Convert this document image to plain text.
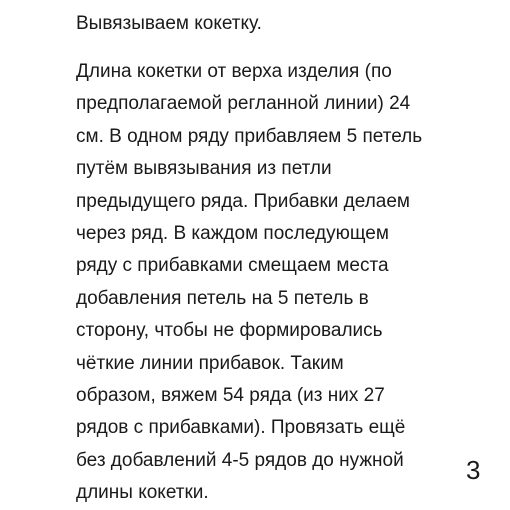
Вывязываем кокетку.
Длина кокетки от верха изделия (по
предполагаемой регланной линии) 24
см. В одном ряду прибавляем 5 петель
путём вывязывания из петли
предыдущего ряда. Прибавки делаем
через ряд. В каждом последующем
ряду с прибавками смещаем места
добавления петель на 5 петель в
сторону, чтобы не формировались
чёткие линии прибавок. Таким
образом, вяжем 54 ряда (из них 27
рядов с прибавками). Провязать ещё
без добавлений 4-5 рядов до нужной
длины кокетки.
3
